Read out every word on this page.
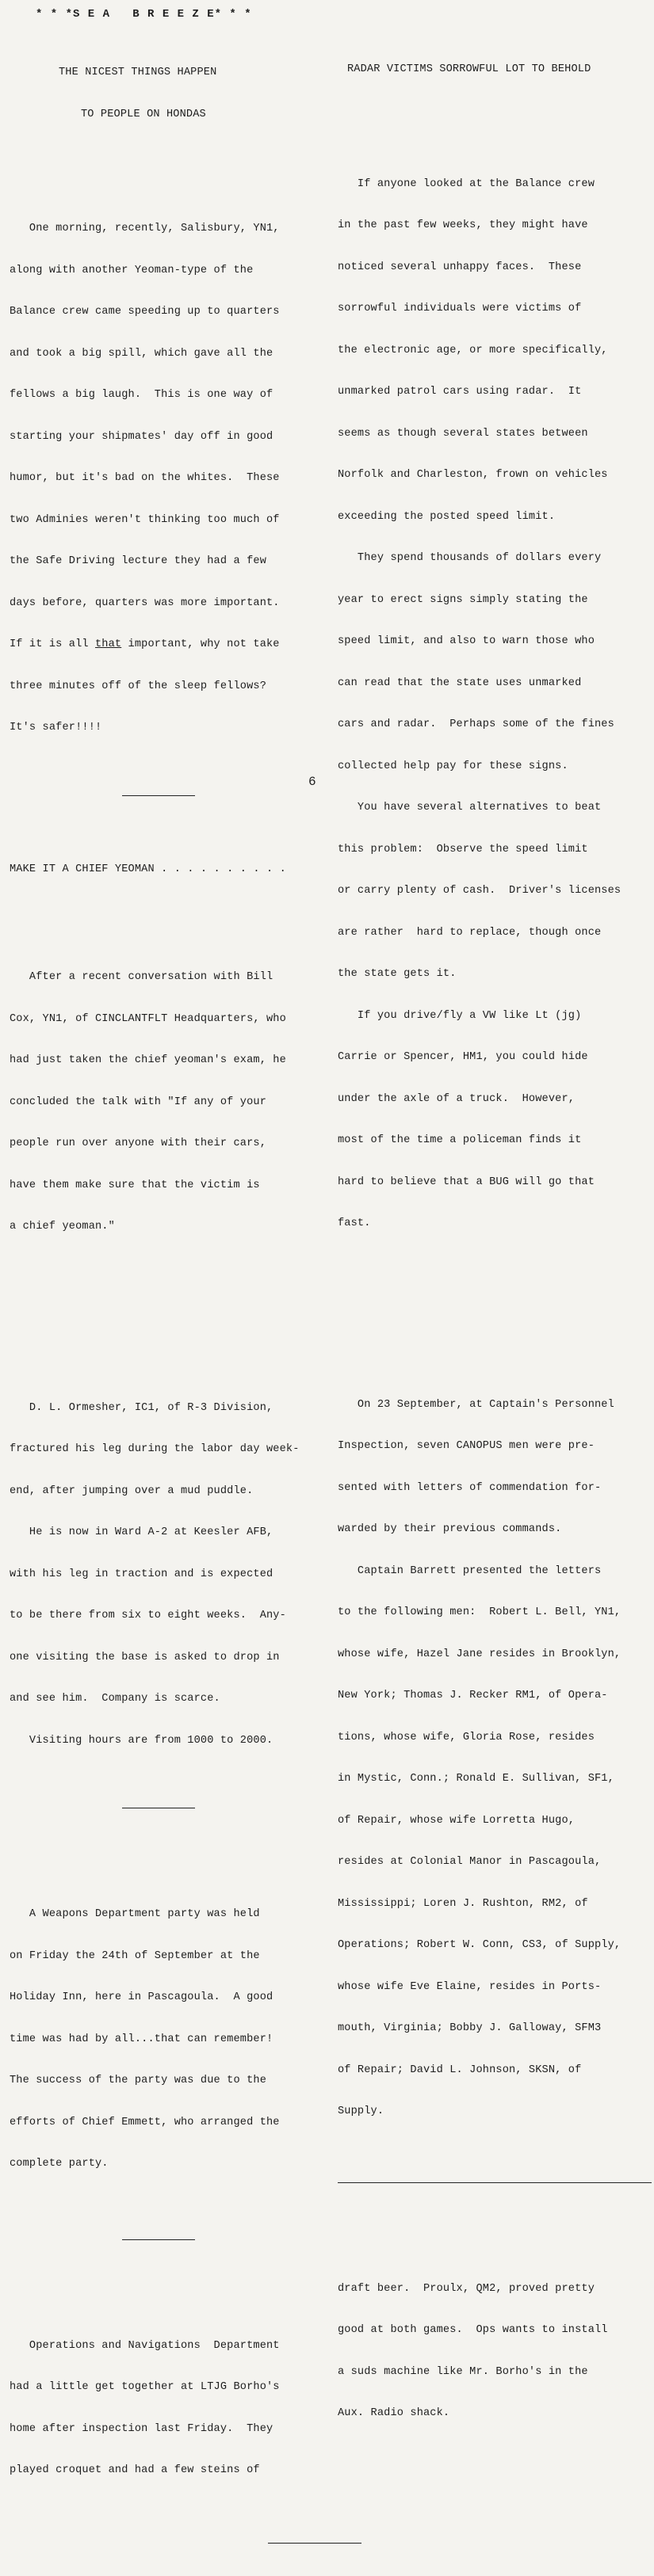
* * *S E A   B R E E Z E* * *

THE NICEST THINGS HAPPEN

TO PEOPLE ON HONDAS

One morning, recently, Salisbury, YN1,

along with another Yeoman-type of the

Balance crew came speeding up to quarters

and took a big spill, which gave all the

fellows a big laugh.  This is one way of

starting your shipmates' day off in good

humor, but it's bad on the whites.  These

two Adminies weren't thinking too much of

the Safe Driving lecture they had a few

days before, quarters was more important.

If it is all that important, why not take

three minutes off of the sleep fellows?

It's safer!!!!

MAKE IT A CHIEF YEOMAN . . . . . . . . . .

After a recent conversation with Bill

Cox, YN1, of CINCLANTFLT Headquarters, who

had just taken the chief yeoman's exam, he

concluded the talk with "If any of your

people run over anyone with their cars,

have them make sure that the victim is

a chief yeoman."

D. L. Ormesher, IC1, of R-3 Division,

fractured his leg during the labor day week-

end, after jumping over a mud puddle.

He is now in Ward A-2 at Keesler AFB,

with his leg in traction and is expected

to be there from six to eight weeks.  Any-

one visiting the base is asked to drop in

and see him.  Company is scarce.

Visiting hours are from 1000 to 2000.

A Weapons Department party was held

on Friday the 24th of September at the

Holiday Inn, here in Pascagoula.  A good

time was had by all...that can remember!

The success of the party was due to the

efforts of Chief Emmett, who arranged the

complete party.

Operations and Navigations  Department

had a little get together at LTJG Borho's

home after inspection last Friday.  They

played croquet and had a few steins of

RADAR VICTIMS SORROWFUL LOT TO BEHOLD

If anyone looked at the Balance crew

in the past few weeks, they might have

noticed several unhappy faces.  These

sorrowful individuals were victims of

the electronic age, or more specifically,

unmarked patrol cars using radar.  It

seems as though several states between

Norfolk and Charleston, frown on vehicles

exceeding the posted speed limit.

They spend thousands of dollars every

year to erect signs simply stating the

speed limit, and also to warn those who

can read that the state uses unmarked

cars and radar.  Perhaps some of the fines

collected help pay for these signs.

You have several alternatives to beat

this problem:  Observe the speed limit

or carry plenty of cash.  Driver's licenses

are rather  hard to replace, though once

the state gets it.

If you drive/fly a VW like Lt (jg)

Carrie or Spencer, HM1, you could hide

under the axle of a truck.  However,

most of the time a policeman finds it

hard to believe that a BUG will go that

fast.

On 23 September, at Captain's Personnel

Inspection, seven CANOPUS men were pre-

sented with letters of commendation for-

warded by their previous commands.

Captain Barrett presented the letters

to the following men:  Robert L. Bell, YN1,

whose wife, Hazel Jane resides in Brooklyn,

New York; Thomas J. Recker RM1, of Opera-

tions, whose wife, Gloria Rose, resides

in Mystic, Conn.; Ronald E. Sullivan, SF1,

of Repair, whose wife Lorretta Hugo,

resides at Colonial Manor in Pascagoula,

Mississippi; Loren J. Rushton, RM2, of

Operations; Robert W. Conn, CS3, of Supply,

whose wife Eve Elaine, resides in Ports-

mouth, Virginia; Bobby J. Galloway, SFM3

of Repair; David L. Johnson, SKSN, of

Supply.

draft beer.  Proulx, QM2, proved pretty

good at both games.  Ops wants to install

a suds machine like Mr. Borho's in the

Aux. Radio shack.

6
